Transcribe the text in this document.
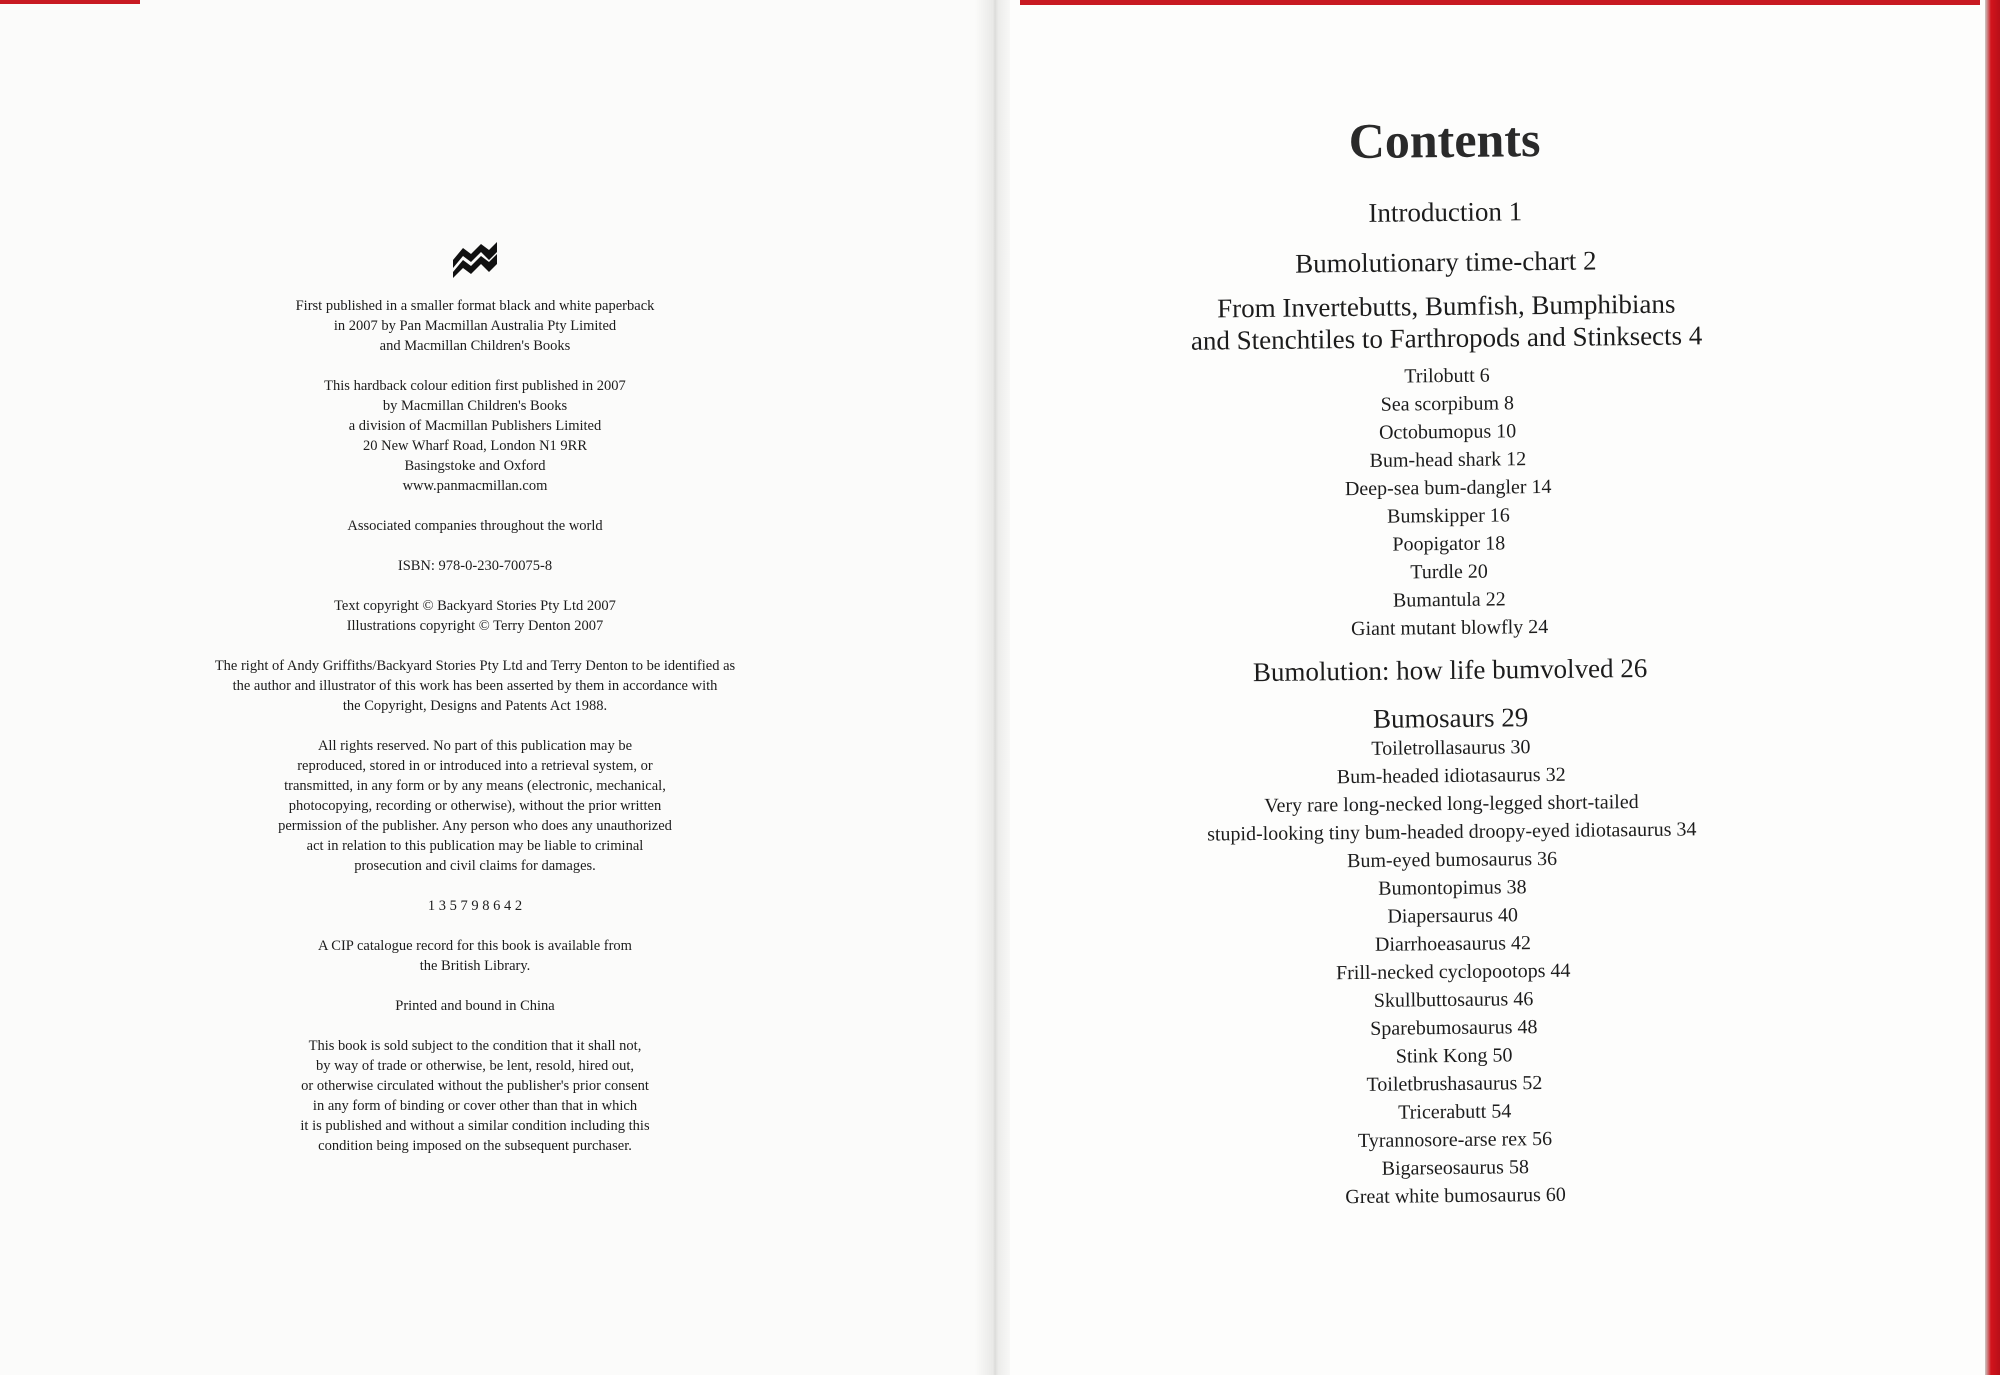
First published in a smaller format black and white paperback
in 2007 by Pan Macmillan Australia Pty Limited
and Macmillan Children's Books

This hardback colour edition first published in 2007
by Macmillan Children's Books
a division of Macmillan Publishers Limited
20 New Wharf Road, London N1 9RR
Basingstoke and Oxford
www.panmacmillan.com

Associated companies throughout the world

ISBN: 978-0-230-70075-8

Text copyright © Backyard Stories Pty Ltd 2007
Illustrations copyright © Terry Denton 2007

The right of Andy Griffiths/Backyard Stories Pty Ltd and Terry Denton to be identified as
the author and illustrator of this work has been asserted by them in accordance with
the Copyright, Designs and Patents Act 1988.

All rights reserved. No part of this publication may be
reproduced, stored in or introduced into a retrieval system, or
transmitted, in any form or by any means (electronic, mechanical,
photocopying, recording or otherwise), without the prior written
permission of the publisher. Any person who does any unauthorized
act in relation to this publication may be liable to criminal
prosecution and civil claims for damages.

1 3 5 7 9 8 6 4 2

A CIP catalogue record for this book is available from
the British Library.

Printed and bound in China

This book is sold subject to the condition that it shall not,
by way of trade or otherwise, be lent, resold, hired out,
or otherwise circulated without the publisher's prior consent
in any form of binding or cover other than that in which
it is published and without a similar condition including this
condition being imposed on the subsequent purchaser.

Contents
Introduction 1
Bumolutionary time-chart 2
From Invertebutts, Bumfish, Bumphibians
and Stenchtiles to Farthropods and Stinksects 4
Trilobutt 6
Sea scorpibum 8
Octobumopus 10
Bum-head shark 12
Deep-sea bum-dangler 14
Bumskipper 16
Poopigator 18
Turdle 20
Bumantula 22
Giant mutant blowfly 24
Bumolution: how life bumvolved 26
Bumosaurs 29
Toiletrollasaurus 30
Bum-headed idiotasaurus 32
Very rare long-necked long-legged short-tailed
stupid-looking tiny bum-headed droopy-eyed idiotasaurus 34
Bum-eyed bumosaurus 36
Bumontopimus 38
Diapersaurus 40
Diarrhoeasaurus 42
Frill-necked cyclopootops 44
Skullbuttosaurus 46
Sparebumosaurus 48
Stink Kong 50
Toiletbrushasaurus 52
Tricerabutt 54
Tyrannosore-arse rex 56
Bigarseosaurus 58
Great white bumosaurus 60
